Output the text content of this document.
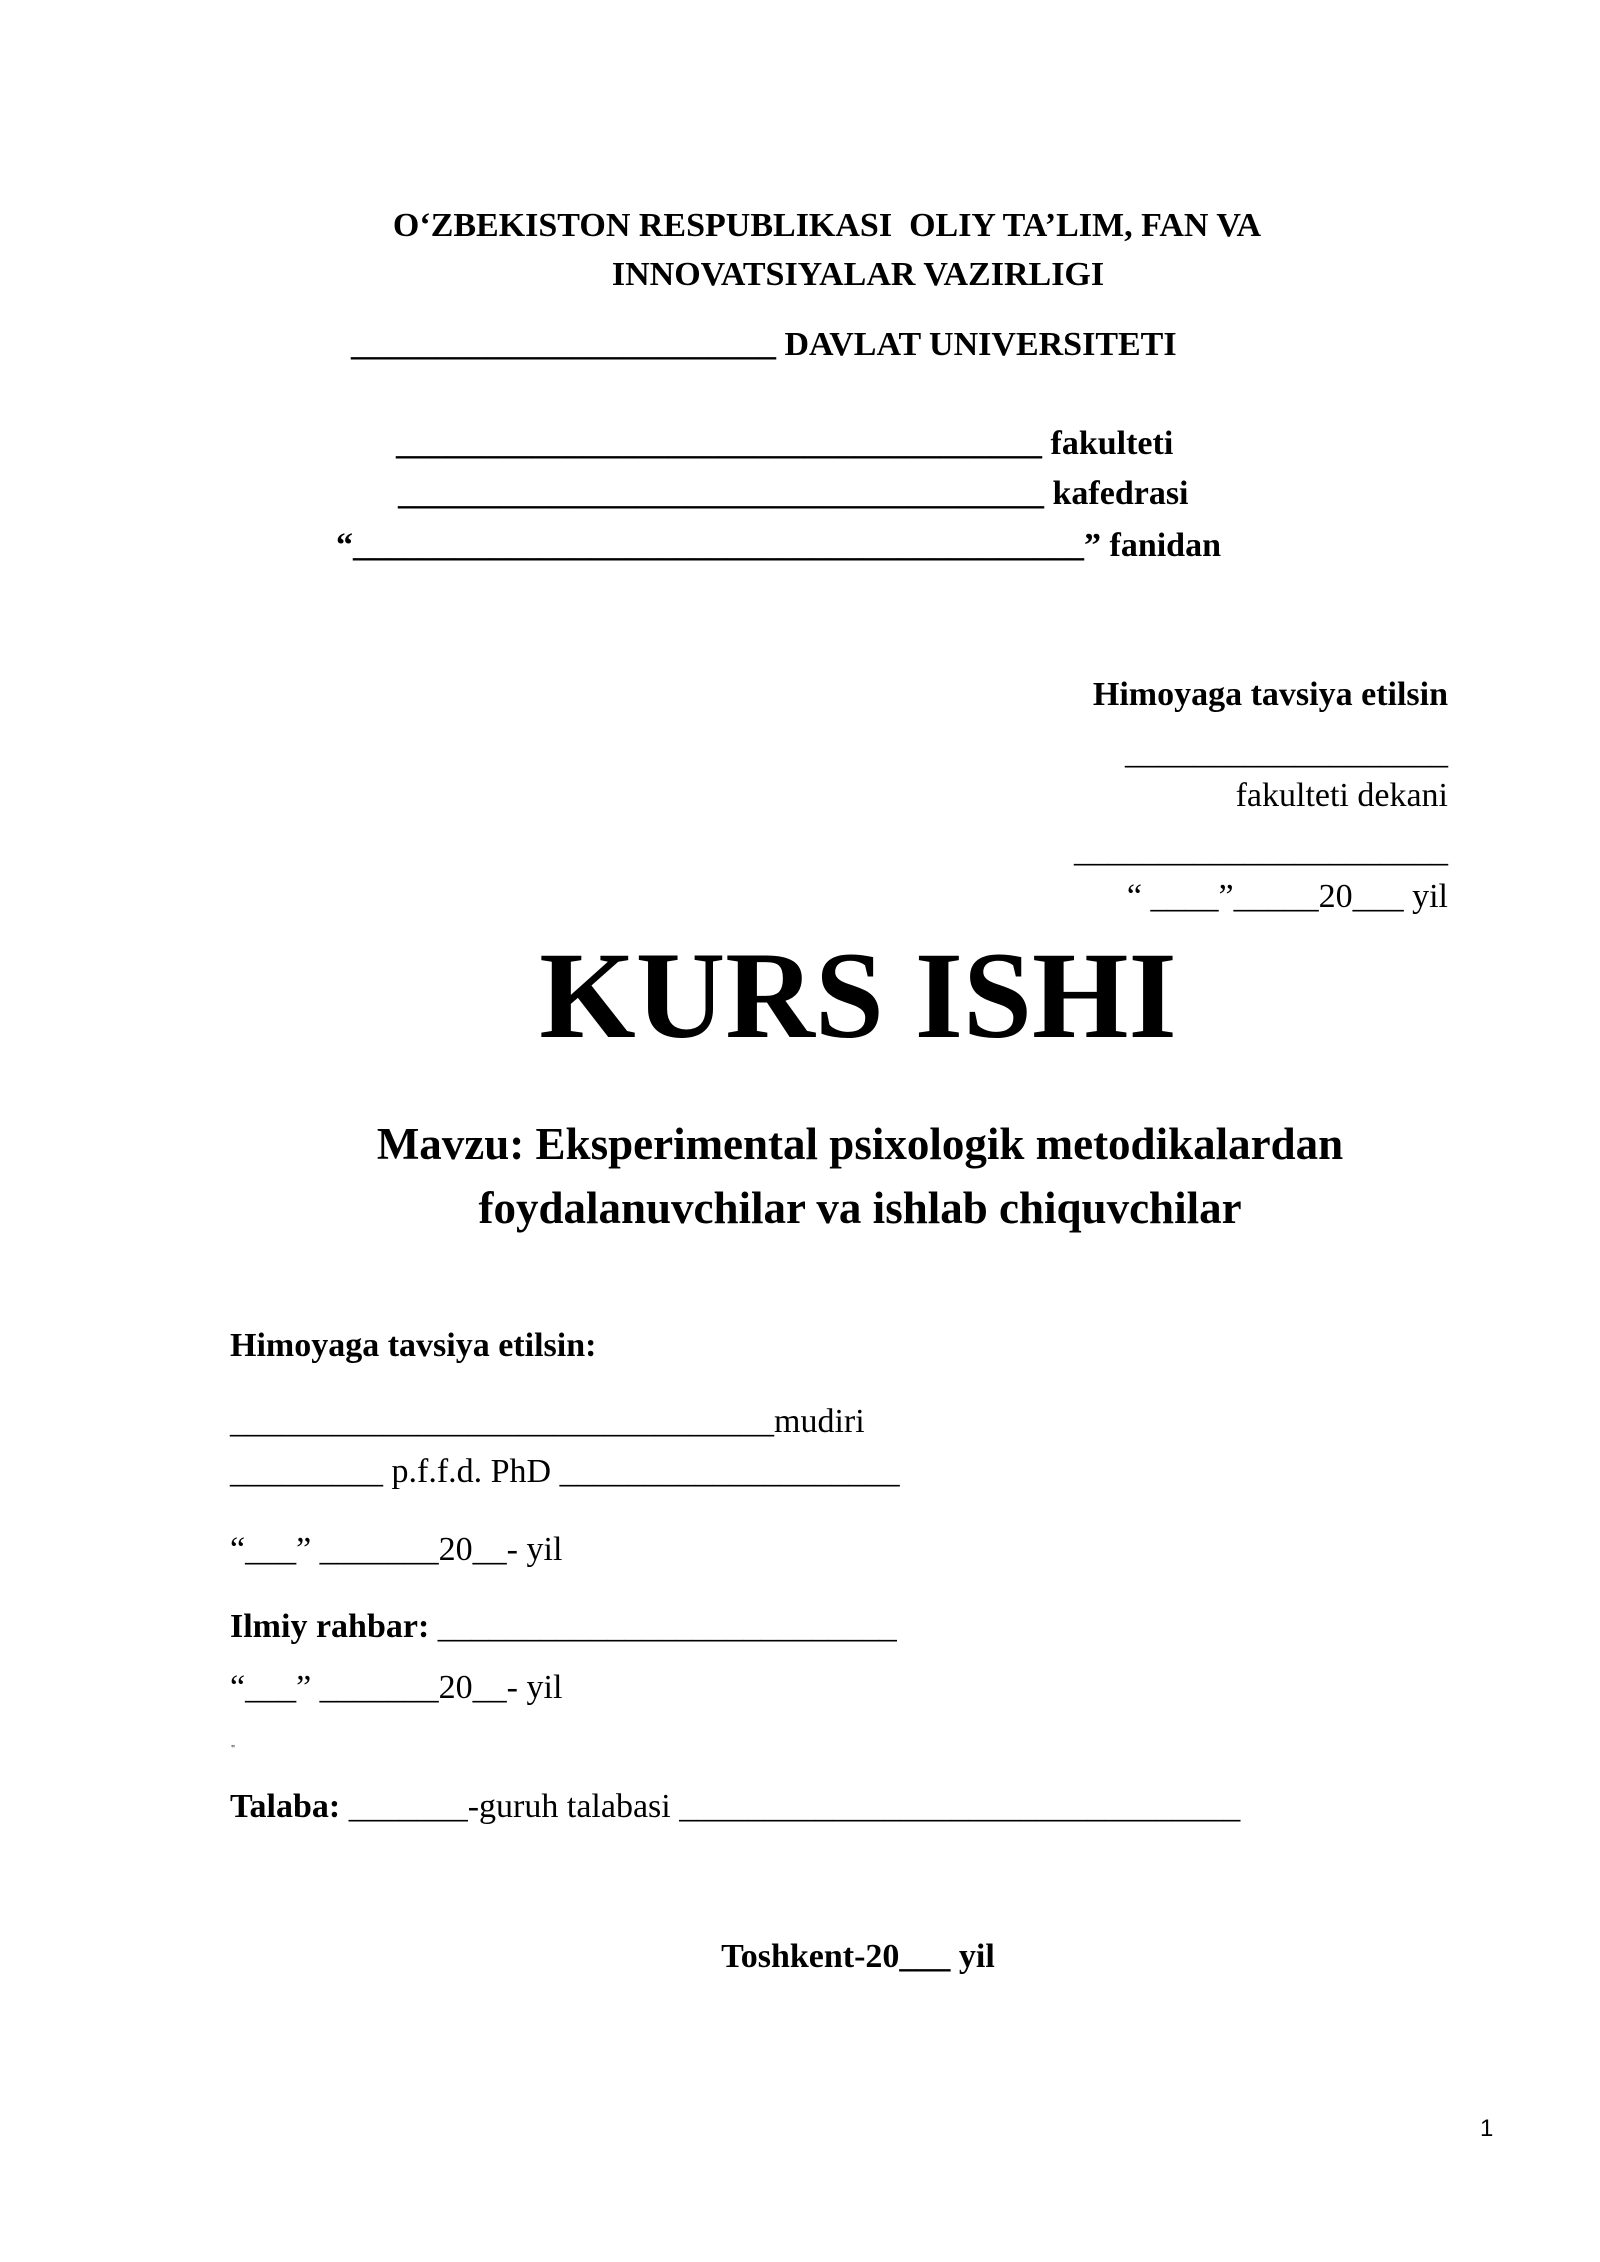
O‘ZBEKISTON RESPUBLIKASI  OLIY TA’LIM, FAN VA
INNOVATSIYALAR VAZIRLIGI
_________________________ DAVLAT UNIVERSITETI
______________________________________ fakulteti
______________________________________ kafedrasi
“___________________________________________” fanidan
Himoyaga tavsiya etilsin
___________________
fakulteti dekani
______________________
“ ____”_____20___ yil
KURS ISHI
Mavzu: Eksperimental psixologik metodikalardan
foydalanuvchilar va ishlab chiquvchilar
Himoyaga tavsiya etilsin:
________________________________mudiri
_________ p.f.f.d. PhD ____________________
“___” _______20__- yil
Ilmiy rahbar: ___________________________
“___” _______20__- yil
"
Talaba: _______-guruh talabasi _________________________________
Toshkent-20___ yil
1
